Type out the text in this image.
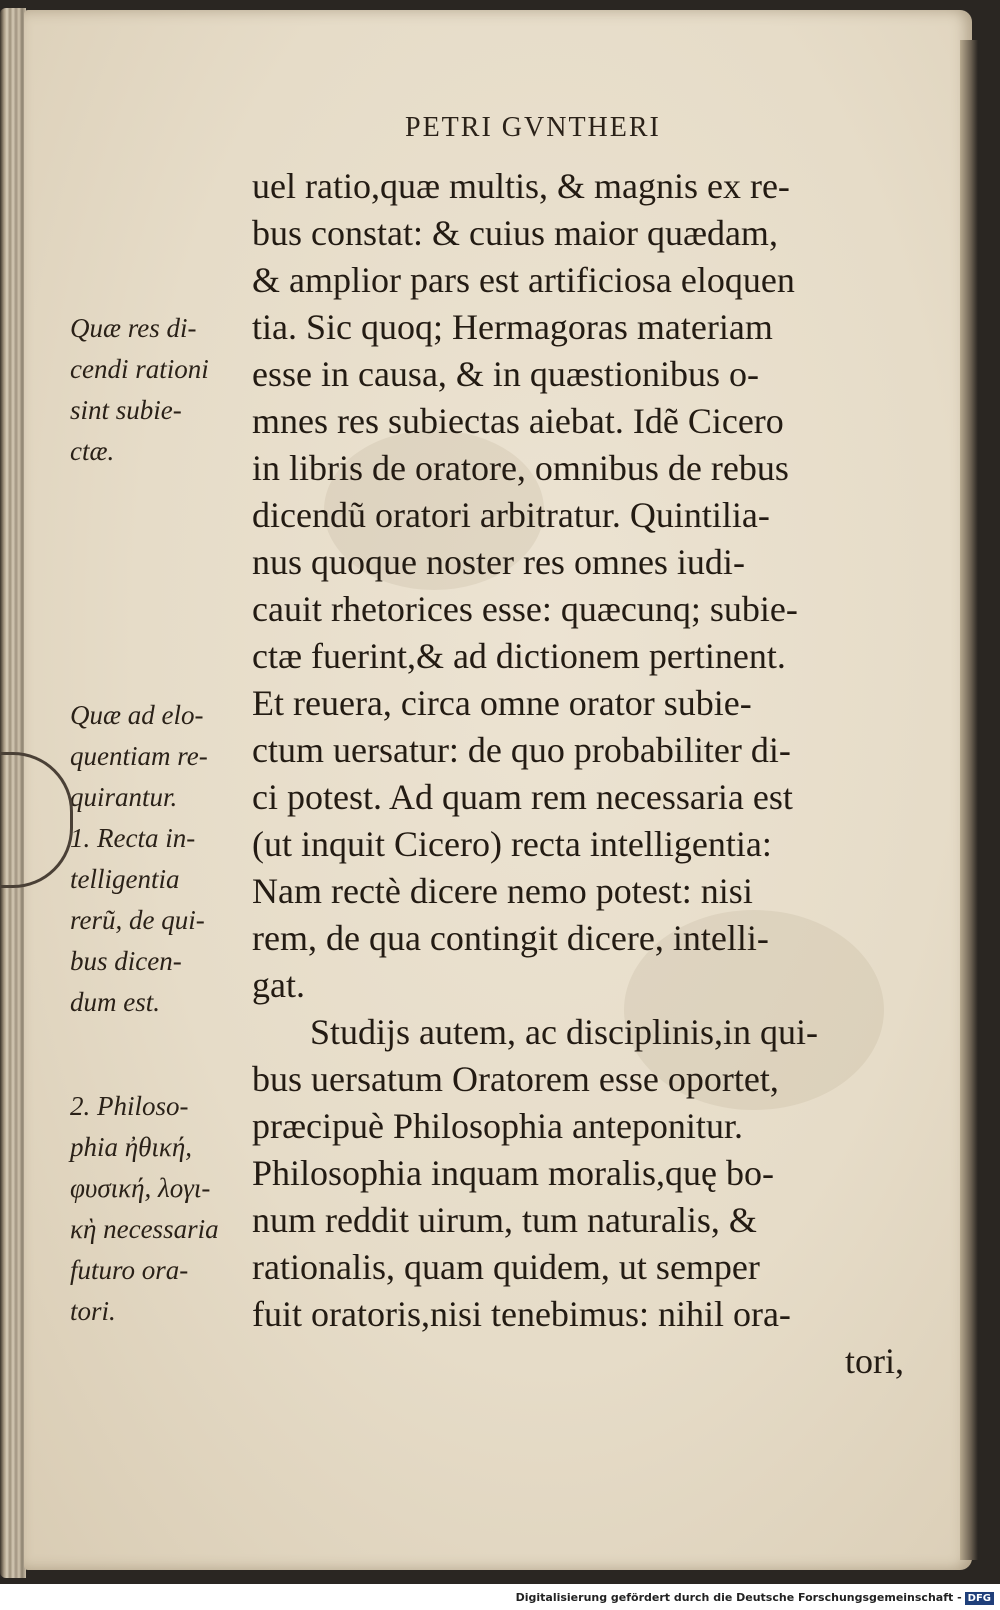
PETRI GVNTHERI
Quæ res di-
cendi rationi
sint subie-
ctæ.
Quæ ad elo-
quentiam re-
quirantur.
1. Recta in-
telligentia
rerũ, de qui-
bus dicen-
dum est.
2. Philoso-
phia ἠθική,
φυσική, λογι-
κὴ necessaria
futuro ora-
tori.
uel ratio,quæ multis, & magnis ex re-
bus constat: & cuius maior quædam,
& amplior pars est artificiosa eloquen
tia. Sic quoq; Hermagoras materiam
esse in causa, & in quæstionibus o-
mnes res subiectas aiebat. Idẽ Cicero
in libris de oratore, omnibus de rebus
dicendũ oratori arbitratur. Quintilia-
nus quoque noster res omnes iudi-
cauit rhetorices esse: quæcunq; subie-
ctæ fuerint,& ad dictionem pertinent.
Et reuera, circa omne orator subie-
ctum uersatur: de quo probabiliter di-
ci potest. Ad quam rem necessaria est
(ut inquit Cicero) recta intelligentia:
Nam rectè dicere nemo potest: nisi
rem, de qua contingit dicere, intelli-
gat.
Studijs autem, ac disciplinis,in qui-
bus uersatum Oratorem esse oportet,
præcipuè Philosophia anteponitur.
Philosophia inquam moralis,quę bo-
num reddit uirum, tum naturalis, &
rationalis, quam quidem, ut semper
fuit oratoris,nisi tenebimus: nihil ora-
tori,
Digitalisierung gefördert durch die Deutsche Forschungsgemeinschaft - DFG
